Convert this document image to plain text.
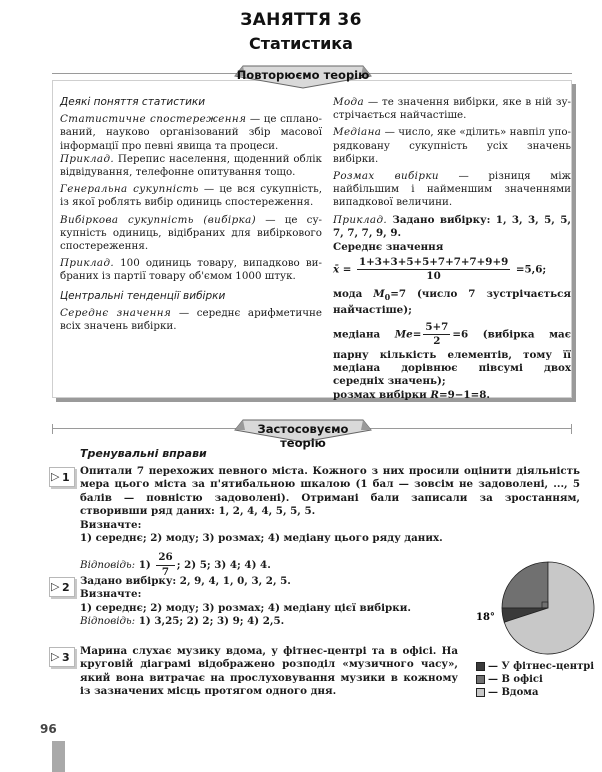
ЗАНЯТТЯ 36
Статистика
Повторюємо теорію
Деякі поняття статистики

Статистичне спостереження — це спланований, науково організований збір масової інформації про певні явища та процеси.

Приклад. Перепис населення, щоденний облік відвідування, телефонне опитування тощо.

Генеральна сукупність — це вся сукупність, із якої роблять вибір одиниць спостереження.

Вибіркова сукупність (вибірка) — це сукупність одиниць, відібраних для вибіркового спостереження.

Приклад. 100 одиниць товару, випадково вибраних із партії товару об'ємом 1000 штук.

Центральні тенденції вибірки

Середнє значення — середнє арифметичне всіх значень вибірки.

Мода — те значення вибірки, яке в ній зустрічається найчастіше.

Медіана — число, яке «ділить» навпіл упорядковану сукупність усіх значень вибірки.

Розмах вибірки — різниця між найбільшим і найменшим значеннями випадкової величини.

Приклад. Задано вибірку: 1, 3, 3, 5, 5, 7, 7, 7, 9, 9.

Середнє значення
x̄ = $\frac{1+3+3+5+5+7+7+7+9+9}{10} =5,6$;

мода $M_0=7$ (число 7 зустрічається найчастіше);

медіана $Me= \frac{5+7}{2} =6$ (вибірка має парну кількість елементів, тому її медіана дорівнює півсумі двох середніх значень);

розмах вибірки R=9−1=8.

Застосовуємо теорію
Тренувальні вправи
▷ 1 Опитали 7 перехожих певного міста. Кожного з них просили оцінити діяльність мера цього міста за п'ятибальною шкалою (1 бал — зовсім не задоволені, ..., 5 балів — повністю задоволені). Отримані бали записали за зростанням, створивши ряд даних: 1, 2, 4, 4, 5, 5, 5.

Визначте:

1) середнє; 2) моду; 3) розмах; 4) медіану цього ряду даних.

Відповідь: $1) \frac{26}{7}$ ; 2) 5; 3) 4; 4) 4.

▷ 2 Задано вибірку: 2, 9, 4, 1, 0, 3, 2, 5.

Визначте:

1) середнє; 2) моду; 3) розмах; 4) медіану цієї вибірки.

Відповідь: 1) 3,25; 2) 2; 3) 9; 4) 2,5.

▷ 3 Марина слухає музику вдома, у фітнес-центрі та в офісі. На круговій діаграмі відображено розподіл «музичного часу», який вона витрачає на прослуховування музики в кожному із зазначених місць протягом одного дня.

18°
— У фітнес-центрі
— В офісі
— Вдома
96
